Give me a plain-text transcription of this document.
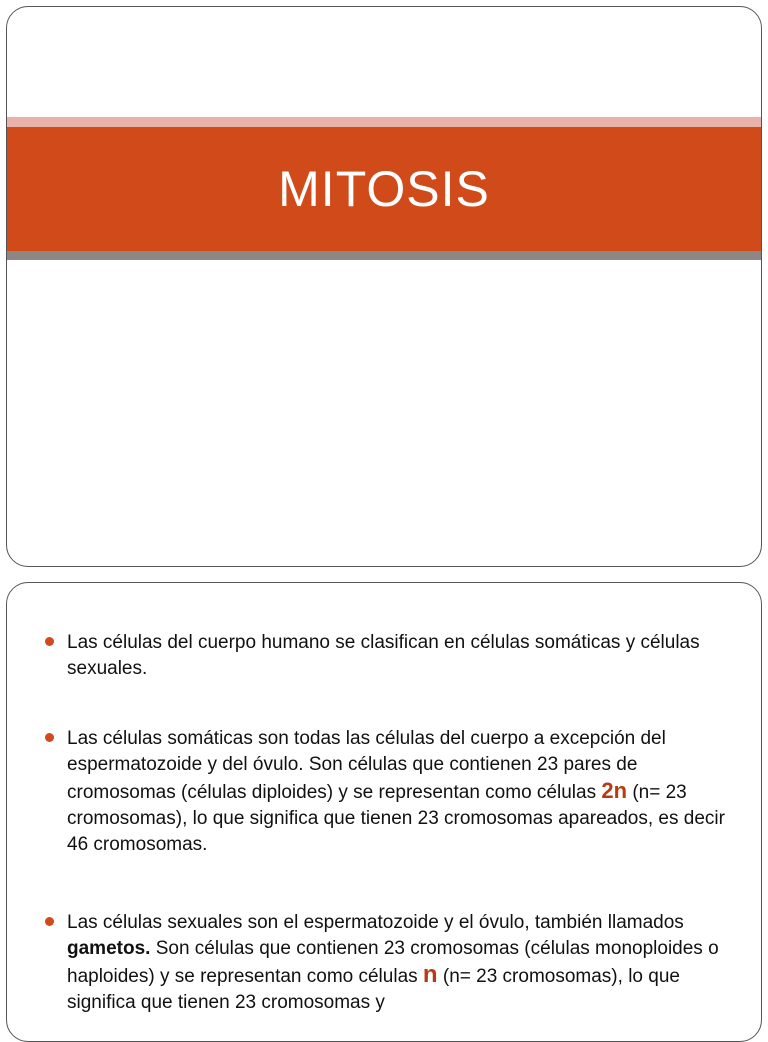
MITOSIS
Las células del cuerpo humano se clasifican en células somáticas y células sexuales.
Las células somáticas son todas las células del cuerpo a excepción del espermatozoide y del óvulo. Son células que contienen 23 pares de cromosomas (células diploides) y se representan como células 2n (n= 23 cromosomas), lo que significa que tienen 23 cromosomas apareados, es decir 46 cromosomas.
Las células sexuales son el espermatozoide y el óvulo, también llamados gametos. Son células que contienen 23 cromosomas (células monoploides o haploides) y se representan como células n (n= 23 cromosomas), lo que significa que tienen 23 cromosomas y
